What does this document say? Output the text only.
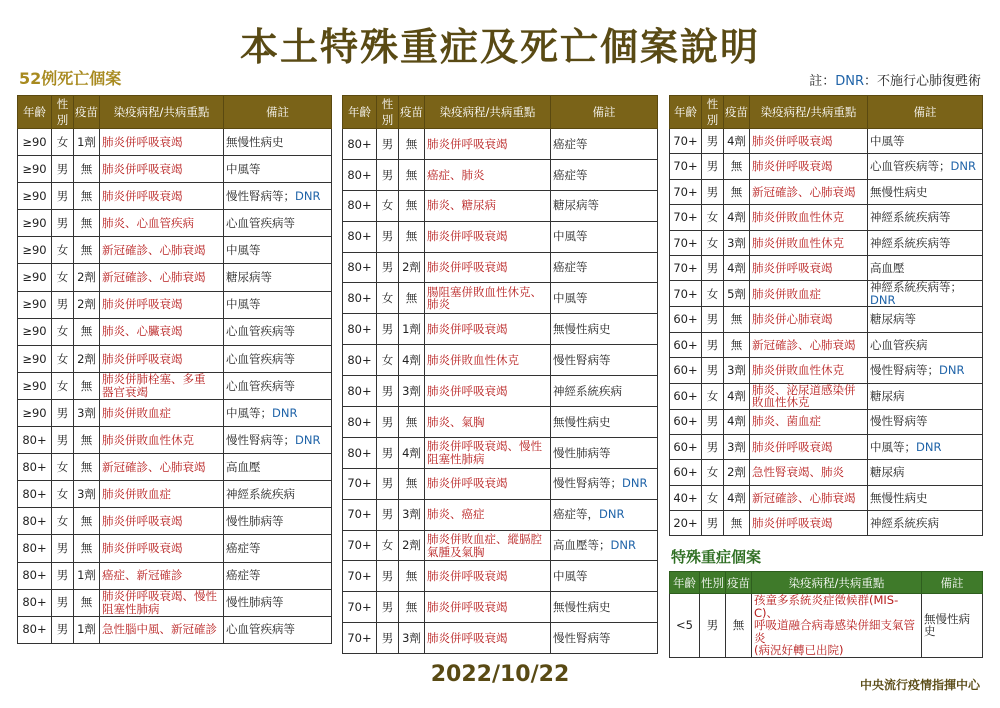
本土特殊重症及死亡個案說明
52例死亡個案	註：DNR：不施行心肺復甦術
年齡	性別	疫苗	染疫病程/共病重點	備註
≥90	女	1劑	肺炎併呼吸衰竭	無慢性病史
≥90	男	無	肺炎併呼吸衰竭	中風等
≥90	男	無	肺炎併呼吸衰竭	慢性腎病等；DNR
≥90	男	無	肺炎、心血管疾病	心血管疾病等
≥90	女	無	新冠確診、心肺衰竭	中風等
≥90	女	2劑	新冠確診、心肺衰竭	糖尿病等
≥90	男	2劑	肺炎併呼吸衰竭	中風等
≥90	女	無	肺炎、心臟衰竭	心血管疾病等
≥90	女	2劑	肺炎併呼吸衰竭	心血管疾病等
≥90	女	無	肺炎併肺栓塞、多重
器官衰竭	心血管疾病等
≥90	男	3劑	肺炎併敗血症	中風等；DNR
80+	男	無	肺炎併敗血性休克	慢性腎病等；DNR
80+	女	無	新冠確診、心肺衰竭	高血壓
80+	女	3劑	肺炎併敗血症	神經系統疾病
80+	女	無	肺炎併呼吸衰竭	慢性肺病等
80+	男	無	肺炎併呼吸衰竭	癌症等
80+	男	1劑	癌症、新冠確診	癌症等
80+	男	無	肺炎併呼吸衰竭、慢性
阻塞性肺病	慢性肺病等
80+	男	1劑	急性腦中風、新冠確診	心血管疾病等
年齡	性別	疫苗	染疫病程/共病重點	備註
80+	男	無	肺炎併呼吸衰竭	癌症等
80+	男	無	癌症、肺炎	癌症等
80+	女	無	肺炎、糖尿病	糖尿病等
80+	男	無	肺炎併呼吸衰竭	中風等
80+	男	2劑	肺炎併呼吸衰竭	癌症等
80+	女	無	腸阻塞併敗血性休克、
肺炎	中風等
80+	男	1劑	肺炎併呼吸衰竭	無慢性病史
80+	女	4劑	肺炎併敗血性休克	慢性腎病等
80+	男	3劑	肺炎併呼吸衰竭	神經系統疾病
80+	男	無	肺炎、氣胸	無慢性病史
80+	男	4劑	肺炎併呼吸衰竭、慢性
阻塞性肺病	慢性肺病等
70+	男	無	肺炎併呼吸衰竭	慢性腎病等；DNR
70+	男	3劑	肺炎、癌症	癌症等，DNR
70+	女	2劑	肺炎併敗血症、縱膈腔
氣腫及氣胸	高血壓等；DNR
70+	男	無	肺炎併呼吸衰竭	中風等
70+	男	無	肺炎併呼吸衰竭	無慢性病史
70+	男	3劑	肺炎併呼吸衰竭	慢性腎病等
年齡	性別	疫苗	染疫病程/共病重點	備註
70+	男	4劑	肺炎併呼吸衰竭	中風等
70+	男	無	肺炎併呼吸衰竭	心血管疾病等；DNR
70+	男	無	新冠確診、心肺衰竭	無慢性病史
70+	女	4劑	肺炎併敗血性休克	神經系統疾病等
70+	女	3劑	肺炎併敗血性休克	神經系統疾病等
70+	男	4劑	肺炎併呼吸衰竭	高血壓
70+	女	5劑	肺炎併敗血症	神經系統疾病等；
DNR
60+	男	無	肺炎併心肺衰竭	糖尿病等
60+	男	無	新冠確診、心肺衰竭	心血管疾病
60+	男	3劑	肺炎併敗血性休克	慢性腎病等；DNR
60+	女	4劑	肺炎、泌尿道感染併
敗血性休克	糖尿病
60+	男	4劑	肺炎、菌血症	慢性腎病等
60+	男	3劑	肺炎併呼吸衰竭	中風等；DNR
60+	女	2劑	急性腎衰竭、肺炎	糖尿病
40+	女	4劑	新冠確診、心肺衰竭	無慢性病史
20+	男	無	肺炎併呼吸衰竭	神經系統疾病
特殊重症個案
年齡	性別	疫苗	染疫病程/共病重點	備註
<5	男	無	孩童多系統炎症徵候群(MIS-C)、
呼吸道融合病毒感染併細支氣管炎
(病況好轉已出院)	無慢性病史
2022/10/22	中央流行疫情指揮中心
